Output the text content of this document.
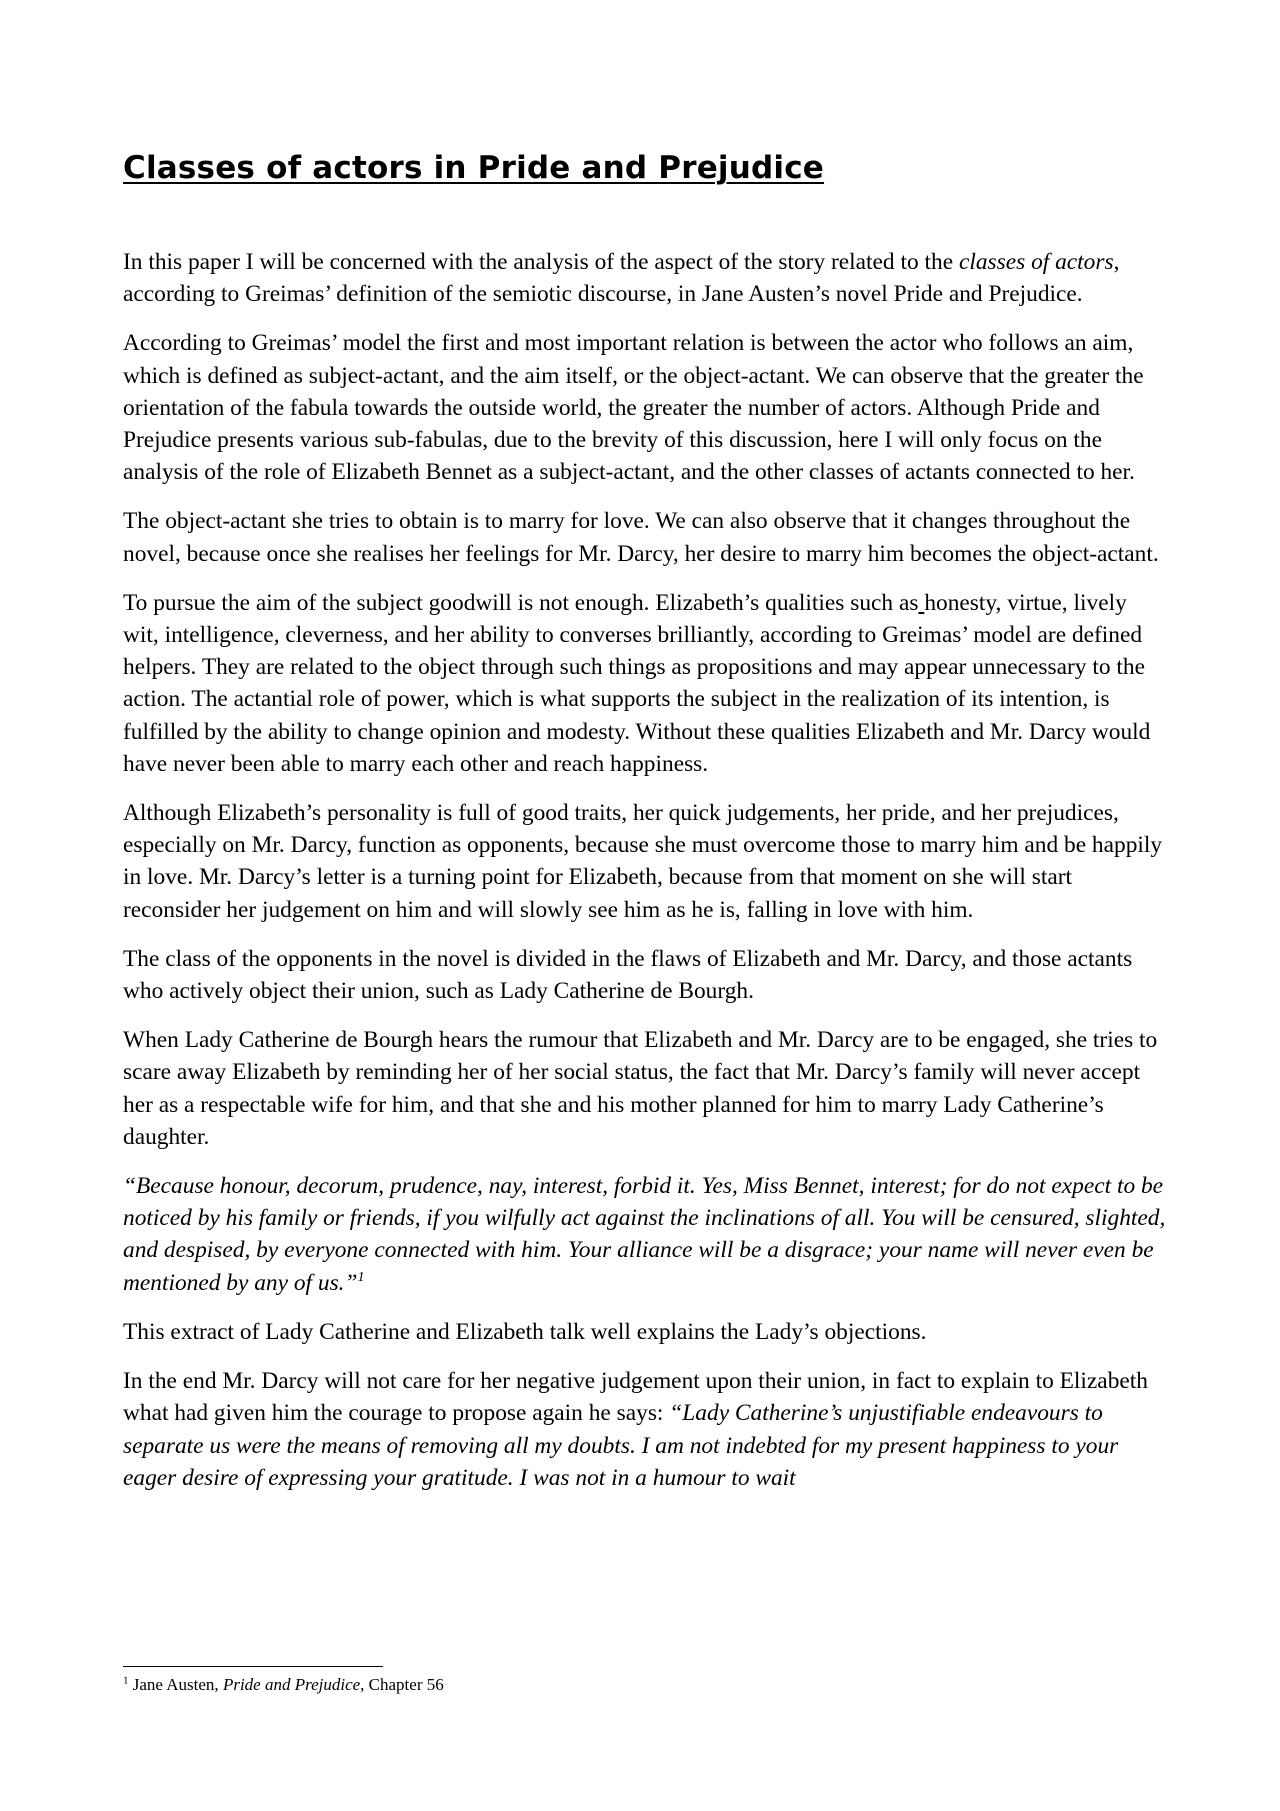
Classes of actors in Pride and Prejudice

In this paper I will be concerned with the analysis of the aspect of the story related to the classes of actors, according to Greimas’ definition of the semiotic discourse, in Jane Austen’s novel Pride and Prejudice.

According to Greimas’ model the first and most important relation is between the actor who follows an aim, which is defined as subject-actant, and the aim itself, or the object-actant. We can observe that the greater the orientation of the fabula towards the outside world, the greater the number of actors. Although Pride and Prejudice presents various sub-fabulas, due to the brevity of this discussion, here I will only focus on the analysis of the role of Elizabeth Bennet as a subject-actant, and the other classes of actants connected to her.

The object-actant she tries to obtain is to marry for love. We can also observe that it changes throughout the novel, because once she realises her feelings for Mr. Darcy, her desire to marry him becomes the object-actant.

To pursue the aim of the subject goodwill is not enough. Elizabeth’s qualities such as honesty, virtue, lively wit, intelligence, cleverness, and her ability to converses brilliantly, according to Greimas’ model are defined helpers. They are related to the object through such things as propositions and may appear unnecessary to the action. The actantial role of power, which is what supports the subject in the realization of its intention, is fulfilled by the ability to change opinion and modesty. Without these qualities Elizabeth and Mr. Darcy would have never been able to marry each other and reach happiness.

Although Elizabeth’s personality is full of good traits, her quick judgements, her pride, and her prejudices, especially on Mr. Darcy, function as opponents, because she must overcome those to marry him and be happily in love. Mr. Darcy’s letter is a turning point for Elizabeth, because from that moment on she will start reconsider her judgement on him and will slowly see him as he is, falling in love with him.

The class of the opponents in the novel is divided in the flaws of Elizabeth and Mr. Darcy, and those actants who actively object their union, such as Lady Catherine de Bourgh.

When Lady Catherine de Bourgh hears the rumour that Elizabeth and Mr. Darcy are to be engaged, she tries to scare away Elizabeth by reminding her of her social status, the fact that Mr. Darcy’s family will never accept her as a respectable wife for him, and that she and his mother planned for him to marry Lady Catherine’s daughter.

“Because honour, decorum, prudence, nay, interest, forbid it. Yes, Miss Bennet, interest; for do not expect to be noticed by his family or friends, if you wilfully act against the inclinations of all. You will be censured, slighted, and despised, by everyone connected with him. Your alliance will be a disgrace; your name will never even be mentioned by any of us.”$^1$

This extract of Lady Catherine and Elizabeth talk well explains the Lady’s objections.

In the end Mr. Darcy will not care for her negative judgement upon their union, in fact to explain to Elizabeth what had given him the courage to propose again he says: “Lady Catherine’s unjustifiable endeavours to separate us were the means of removing all my doubts. I am not indebted for my present happiness to your eager desire of expressing your gratitude. I was not in a humour to wait

$^1$ Jane Austen, Pride and Prejudice, Chapter 56
